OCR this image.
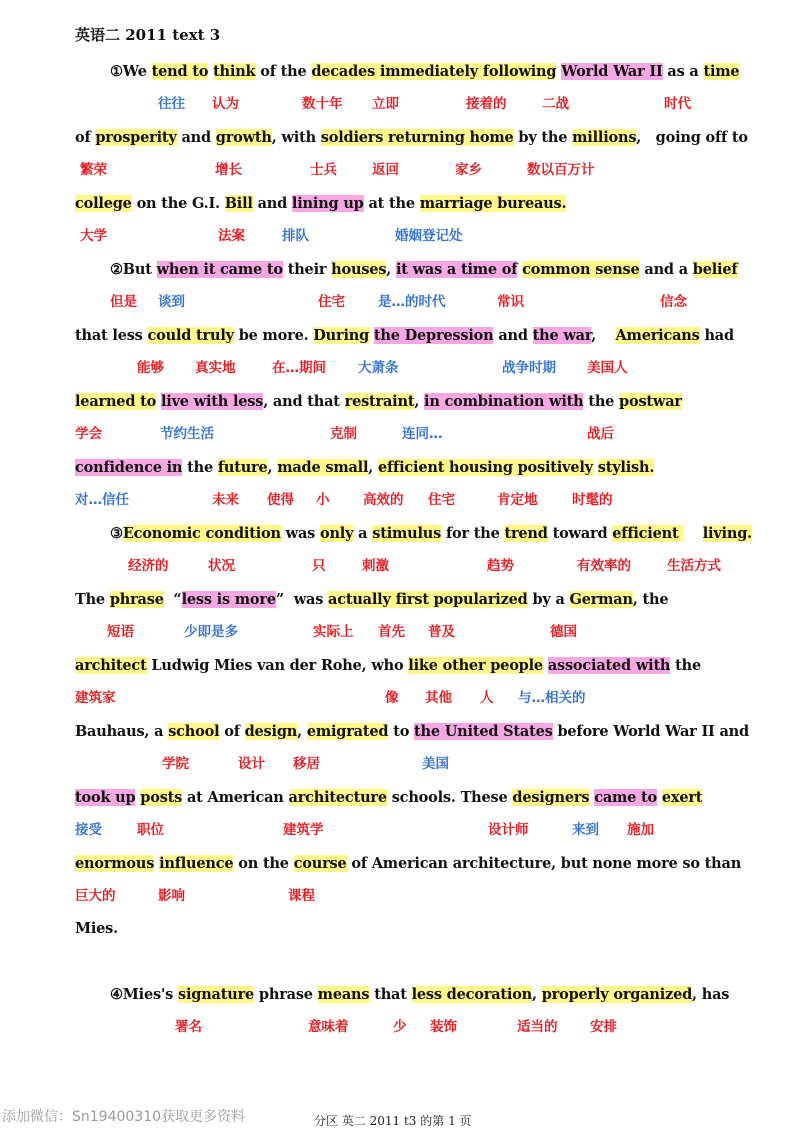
英语二 2011 text 3
①We tend to think of the decades immediately following World War II as a time
往往 认为	数十年 立即	接着的	二战	时代
of prosperity and growth, with soldiers returning home by the millions,   going off to
繁荣	增长	士兵	返回	家乡	数以百万计
college on the G.I. Bill and lining up at the marriage bureaus.
大学	法案	排队	婚姻登记处
②But when it came to their houses, it was a time of common sense and a belief
但是 谈到	住宅 是…的时代	常识	信念
that less could truly be more. During the Depression and the war,    Americans had
能够 真实地	在…期间 大萧条	战争时期 美国人
learned to live with less, and that restraint, in combination with the postwar
学会	节约生活	克制	连同…	战后
confidence in the future, made small, efficient housing positively stylish.
对…信任	未来 使得 小 高效的 住宅	肯定地	时髦的
③Economic condition was only a stimulus for the trend toward efficient     living.
经济的	状况	只	刺激	趋势	有效率的	生活方式
The phrase  “less is more”  was actually first popularized by a German, the
短语	少即是多	实际上 首先 普及	德国
architect Ludwig Mies van der Rohe, who like other people associated with the
建筑家	像 其他 人 与…相关的
Bauhaus, a school of design, emigrated to the United States before World War II and
学院	设计 移居	美国
took up posts at American architecture schools. These designers came to exert
接受	职位	建筑学	设计师	来到 施加
enormous influence on the course of American architecture, but none more so than
巨大的	影响	课程
Mies.
④Mies's signature phrase means that less decoration, properly organized, has
署名	意味着	少 装饰	适当的 安排
添加微信：Sn19400310获取更多资料	分区 英二 2011 t3 的第 1 页
